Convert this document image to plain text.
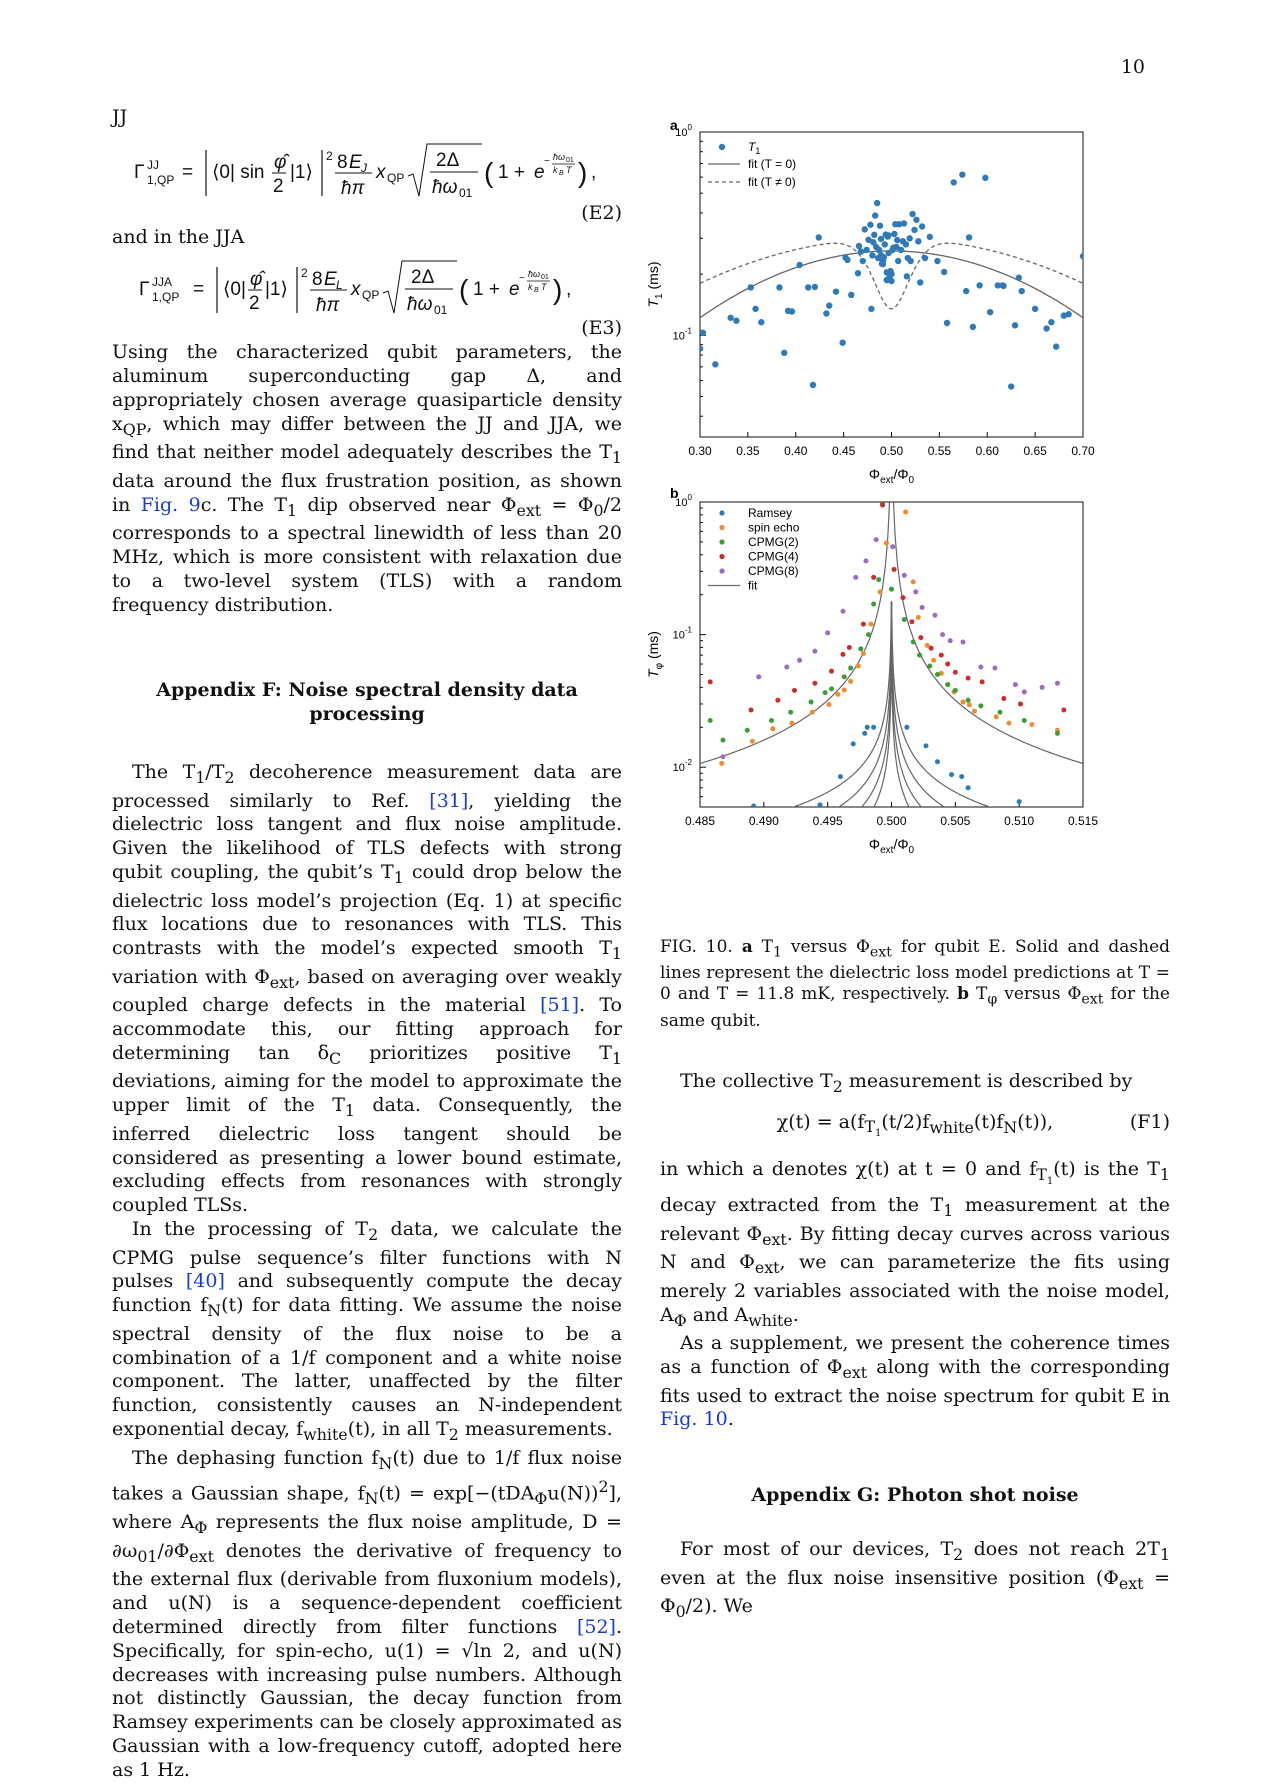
10
JJ
Γ JJ
1,QP = ⟨0| sin φ̂
2
|1⟩
2 8 E J
ħπ
x QP
2Δ
ħω 01
( 1 + e
− ħω 01
k B T ) ,
(E2)
and in the JJA
Γ JJA
1,QP = ⟨0| φ̂
2
|1⟩
2 8 E L
ħπ
x QP
2Δ
ħω 01
( 1 + e
− ħω 01
k B T ) ,
(E3)

Using the characterized qubit parameters, the aluminum superconducting gap Δ, and appropriately chosen average quasiparticle density $x_{QP}$, which may differ between the JJ and JJA, we find that neither model adequately describes the $T_1$ data around the flux frustration position, as shown in Fig. 9c. The $T_1$ dip observed near $\Phi_{ext} = \Phi_0/2$ corresponds to a spectral linewidth of less than 20 MHz, which is more consistent with relaxation due to a two-level system (TLS) with a random frequency distribution.

Appendix F: Noise spectral density data processing

The $T_1/T_2$ decoherence measurement data are processed similarly to Ref. [31], yielding the dielectric loss tangent and flux noise amplitude. Given the likelihood of TLS defects with strong qubit coupling, the qubit’s $T_1$ could drop below the dielectric loss model’s projection (Eq. 1) at specific flux locations due to resonances with TLS. This contrasts with the model’s expected smooth $T_1$ variation with $\Phi_{ext}$, based on averaging over weakly coupled charge defects in the material [51]. To accommodate this, our fitting approach for determining $\tan \delta_C$ prioritizes positive $T_1$ deviations, aiming for the model to approximate the upper limit of the $T_1$ data. Consequently, the inferred dielectric loss tangent should be considered as presenting a lower bound estimate, excluding effects from resonances with strongly coupled TLSs.

In the processing of $T_2$ data, we calculate the CPMG pulse sequence’s filter functions with N pulses [40] and subsequently compute the decay function $f_N(t)$ for data fitting. We assume the noise spectral density of the flux noise to be a combination of a 1/f component and a white noise component. The latter, unaffected by the filter function, consistently causes an N-independent exponential decay, $f_{white}(t)$, in all $T_2$ measurements.

The dephasing function $f_N(t)$ due to 1/f flux noise takes a Gaussian shape, $f_N(t) = \exp[-(tDA_\Phi u(N))^2]$, where $A_\Phi$ represents the flux noise amplitude, $D = \partial\omega_{01}/\partial\Phi_{ext}$ denotes the derivative of frequency to the external flux (derivable from fluxonium models), and u(N) is a sequence-dependent coefficient determined directly from filter functions [52]. Specifically, for spin-echo, u(1) = √ln 2, and u(N) decreases with increasing pulse numbers. Although not distinctly Gaussian, the decay function from Ramsey experiments can be closely approximated as Gaussian with a low-frequency cutoff, adopted here as 1 Hz.

a
0.30 0.35 0.40 0.45 0.50 0.55 0.60 0.65 0.70
$10^0$
$10^{-1}$
$\Phi_{ext}/\Phi_0$
$T_1$ (ms)
$T_1$
fit (T = 0)
fit (T ≠ 0)
b
0.485	0.490	0.495	0.500	0.505	0.510	0.515
$10^0$
$10^{-1}$
$10^{-2}$
$\Phi_{ext}/\Phi_0$
$T_\varphi$ (ms)
Ramsey
spin echo
CPMG(2)
CPMG(4)
CPMG(8)
fit
FIG. 10. a $T_1$ versus $\Phi_{ext}$ for qubit E. Solid and dashed lines represent the dielectric loss model predictions at T = 0 and T = 11.8 mK, respectively. b $T_\varphi$ versus $\Phi_{ext}$ for the same qubit.

The collective $T_2$ measurement is described by

$\chi(t) = a(f_{T_1}(t/2)f_{white}(t)f_N(t))$,	(F1)

in which a denotes χ(t) at t = 0 and $f_{T_1}(t)$ is the $T_1$ decay extracted from the $T_1$ measurement at the relevant $\Phi_{ext}$. By fitting decay curves across various N and $\Phi_{ext}$, we can parameterize the fits using merely 2 variables associated with the noise model, $A_\Phi$ and $A_{white}$.

As a supplement, we present the coherence times as a function of $\Phi_{ext}$ along with the corresponding fits used to extract the noise spectrum for qubit E in Fig. 10.

Appendix G: Photon shot noise

For most of our devices, $T_2$ does not reach $2T_1$ even at the flux noise insensitive position $(\Phi_{ext} = \Phi_0/2)$. We
